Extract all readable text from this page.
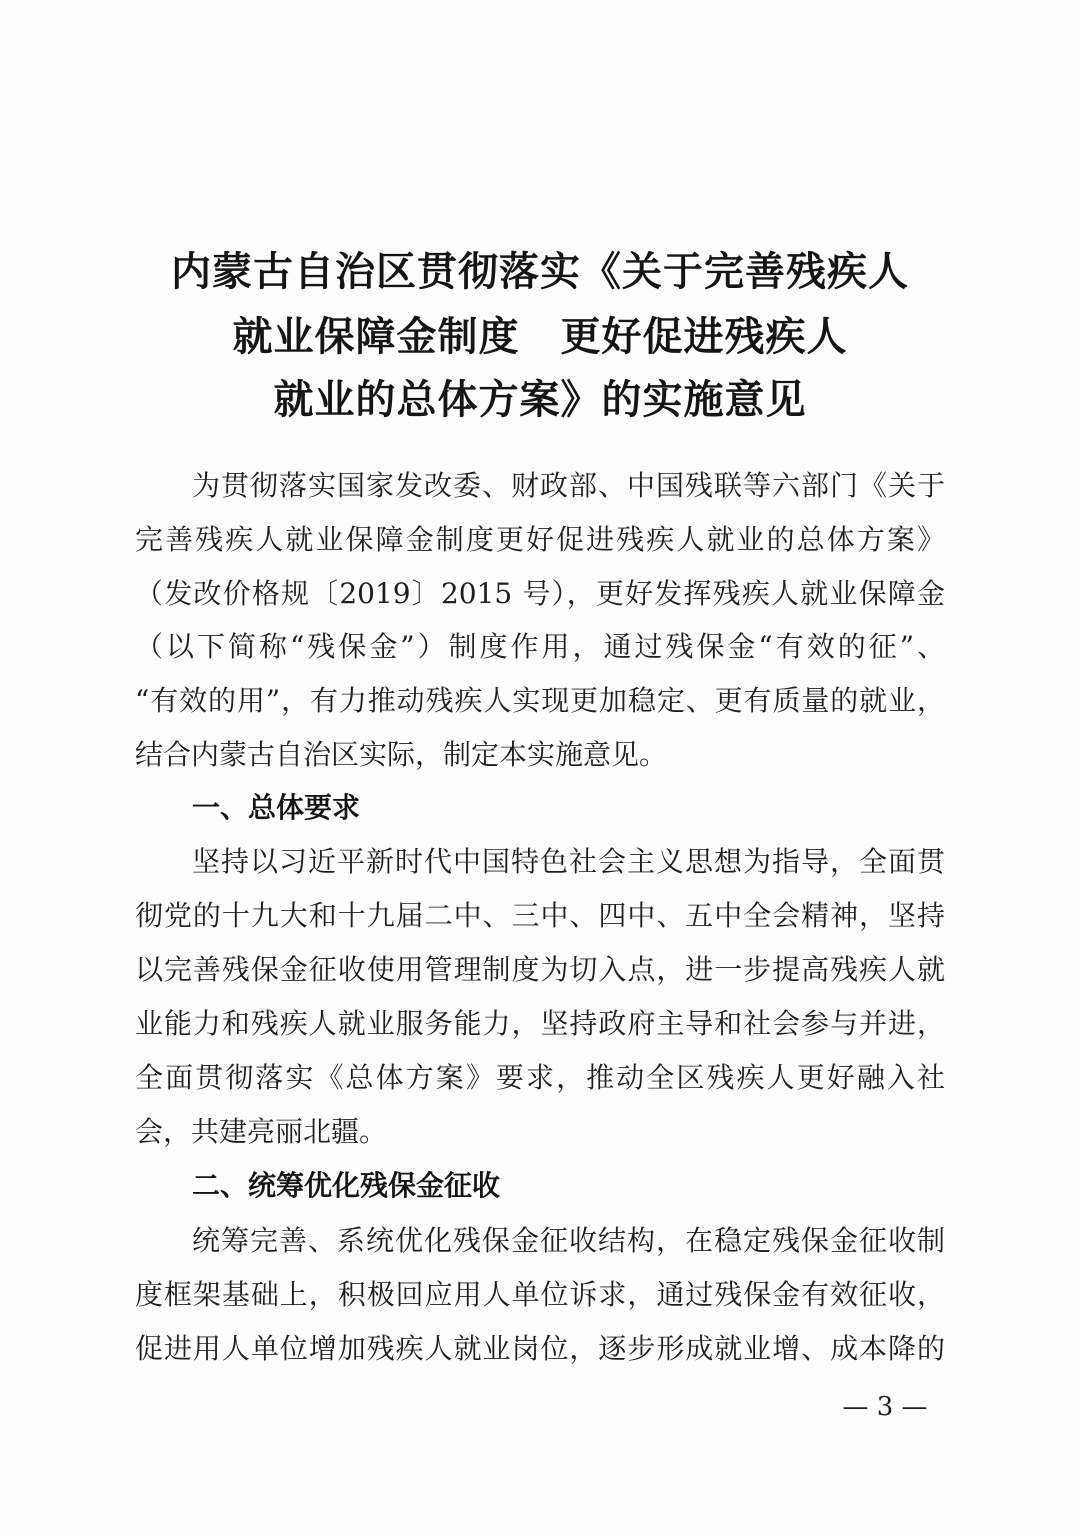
内蒙古自治区贯彻落实《关于完善残疾人
就业保障金制度　更好促进残疾人
就业的总体方案》的实施意见
为贯彻落实国家发改委、财政部、中国残联等六部门《关于
完善残疾人就业保障金制度更好促进残疾人就业的总体方案》
（发改价格规〔2019〕2015 号），更好发挥残疾人就业保障金
（以下简称“残保金”）制度作用，通过残保金“有效的征”、
“有效的用”，有力推动残疾人实现更加稳定、更有质量的就业，
结合内蒙古自治区实际，制定本实施意见。
一、总体要求
坚持以习近平新时代中国特色社会主义思想为指导，全面贯
彻党的十九大和十九届二中、三中、四中、五中全会精神，坚持
以完善残保金征收使用管理制度为切入点，进一步提高残疾人就
业能力和残疾人就业服务能力，坚持政府主导和社会参与并进，
全面贯彻落实《总体方案》要求，推动全区残疾人更好融入社
会，共建亮丽北疆。
二、统筹优化残保金征收
统筹完善、系统优化残保金征收结构，在稳定残保金征收制
度框架基础上，积极回应用人单位诉求，通过残保金有效征收，
促进用人单位增加残疾人就业岗位，逐步形成就业增、成本降的
— 3 —
